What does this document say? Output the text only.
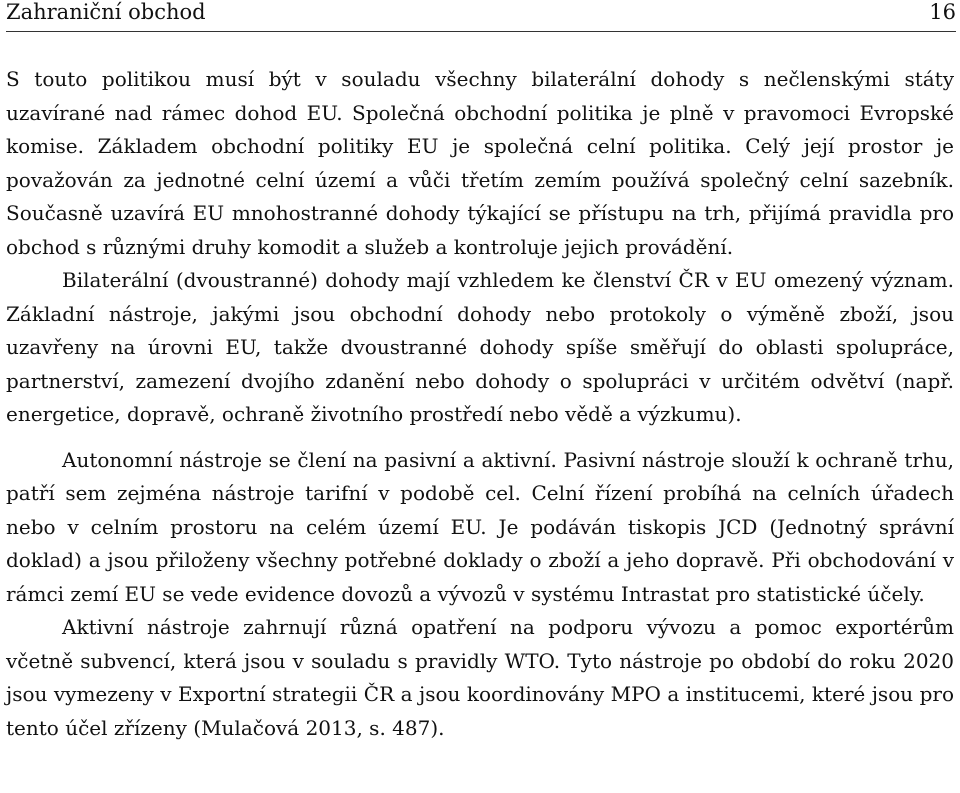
Zahraniční obchod	16

S touto politikou musí být v souladu všechny bilaterální dohody s nečlenskými státy uzavírané nad rámec dohod EU. Společná obchodní politika je plně v pravomoci Evropské komise. Základem obchodní politiky EU je společná celní politika. Celý její prostor je považován za jednotné celní území a vůči třetím zemím používá společný celní sazebník. Současně uzavírá EU mnohostranné dohody týkající se přístupu na trh, přijímá pravidla pro obchod s různými druhy komodit a služeb a kontroluje jejich provádění.

Bilaterální (dvoustranné) dohody mají vzhledem ke členství ČR v EU omezený význam. Základní nástroje, jakými jsou obchodní dohody nebo protokoly o výměně zboží, jsou uzavřeny na úrovni EU, takže dvoustranné dohody spíše směřují do oblasti spolupráce, partnerství, zamezení dvojího zdanění nebo dohody o spolupráci v určitém odvětví (např. energetice, dopravě, ochraně životního prostředí nebo vědě a výzkumu).

Autonomní nástroje se člení na pasivní a aktivní. Pasivní nástroje slouží k ochraně trhu, patří sem zejména nástroje tarifní v podobě cel. Celní řízení probíhá na celních úřadech nebo v celním prostoru na celém území EU. Je podáván tiskopis JCD (Jednotný správní doklad) a jsou přiloženy všechny potřebné doklady o zboží a jeho dopravě. Při obchodování v rámci zemí EU se vede evidence dovozů a vývozů v systému Intrastat pro statistické účely.

Aktivní nástroje zahrnují různá opatření na podporu vývozu a pomoc exportérům včetně subvencí, která jsou v souladu s pravidly WTO. Tyto nástroje po období do roku 2020 jsou vymezeny v Exportní strategii ČR a jsou koordinovány MPO a institucemi, které jsou pro tento účel zřízeny (Mulačová 2013, s. 487).
